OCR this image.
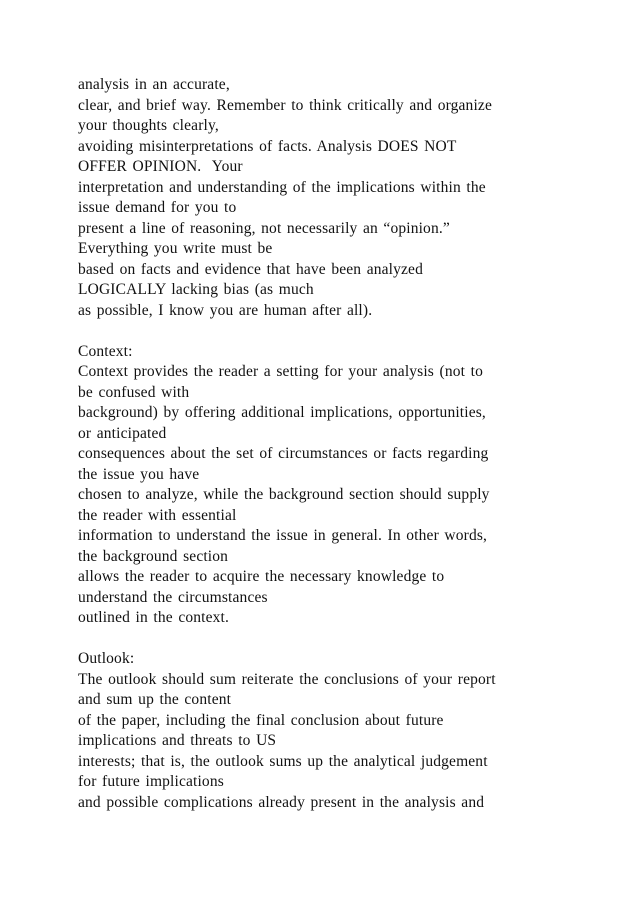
analysis in an accurate,
clear, and brief way. Remember to think critically and organize
your thoughts clearly,
avoiding misinterpretations of facts. Analysis DOES NOT
OFFER OPINION.  Your
interpretation and understanding of the implications within the
issue demand for you to
present a line of reasoning, not necessarily an “opinion.”
Everything you write must be
based on facts and evidence that have been analyzed
LOGICALLY lacking bias (as much
as possible, I know you are human after all).
Context:
Context provides the reader a setting for your analysis (not to
be confused with
background) by offering additional implications, opportunities,
or anticipated
consequences about the set of circumstances or facts regarding
the issue you have
chosen to analyze, while the background section should supply
the reader with essential
information to understand the issue in general. In other words,
the background section
allows the reader to acquire the necessary knowledge to
understand the circumstances
outlined in the context.
Outlook:
The outlook should sum reiterate the conclusions of your report
and sum up the content
of the paper, including the final conclusion about future
implications and threats to US
interests; that is, the outlook sums up the analytical judgement
for future implications
and possible complications already present in the analysis and
